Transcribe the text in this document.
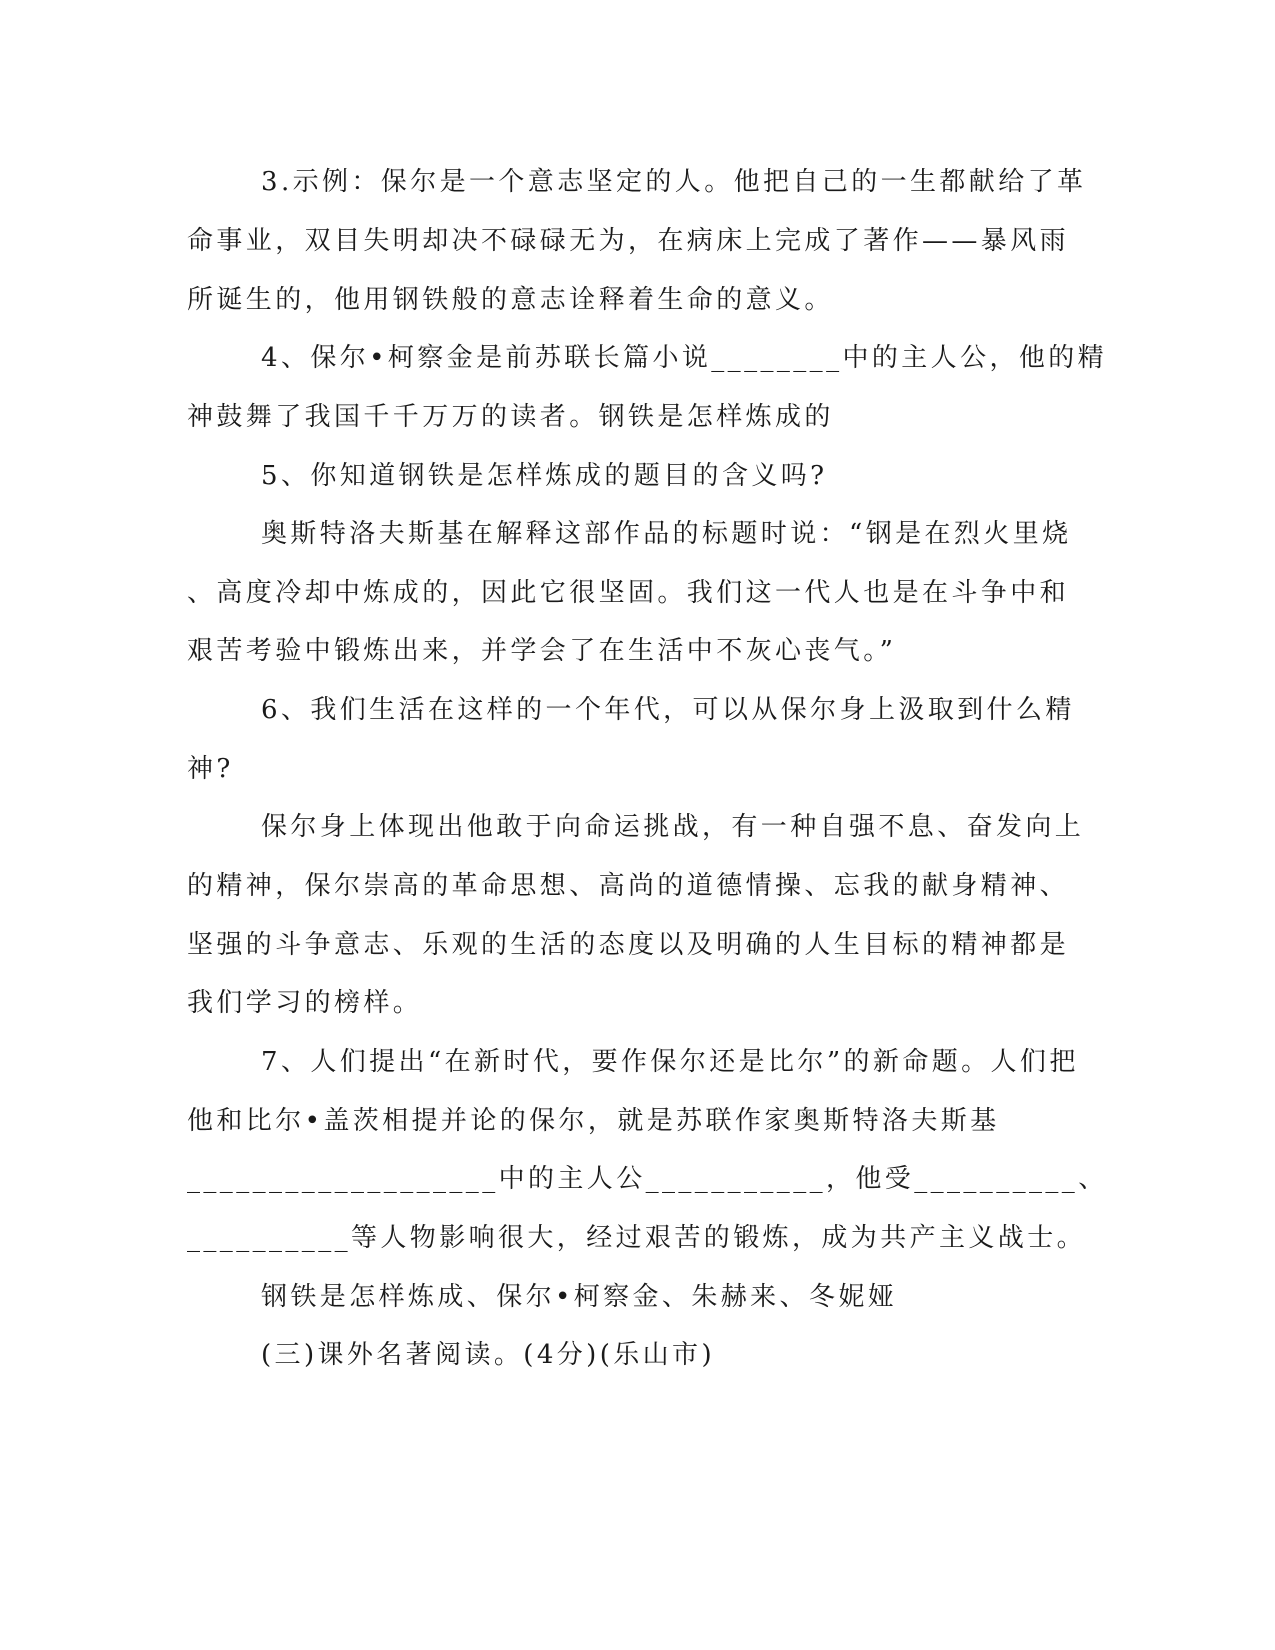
3.示例：保尔是一个意志坚定的人。他把自己的一生都献给了革
命事业，双目失明却决不碌碌无为，在病床上完成了著作——暴风雨
所诞生的，他用钢铁般的意志诠释着生命的意义。
4、保尔•柯察金是前苏联长篇小说________中的主人公，他的精
神鼓舞了我国千千万万的读者。钢铁是怎样炼成的
5、你知道钢铁是怎样炼成的题目的含义吗?
奥斯特洛夫斯基在解释这部作品的标题时说：“钢是在烈火里烧
、高度冷却中炼成的，因此它很坚固。我们这一代人也是在斗争中和
艰苦考验中锻炼出来，并学会了在生活中不灰心丧气。”
6、我们生活在这样的一个年代，可以从保尔身上汲取到什么精
神?
保尔身上体现出他敢于向命运挑战，有一种自强不息、奋发向上
的精神，保尔崇高的革命思想、高尚的道德情操、忘我的献身精神、
坚强的斗争意志、乐观的生活的态度以及明确的人生目标的精神都是
我们学习的榜样。
7、人们提出“在新时代，要作保尔还是比尔”的新命题。人们把
他和比尔•盖茨相提并论的保尔，就是苏联作家奥斯特洛夫斯基
___________________中的主人公___________，他受__________、
__________等人物影响很大，经过艰苦的锻炼，成为共产主义战士。
钢铁是怎样炼成、保尔•柯察金、朱赫来、冬妮娅
(三)课外名著阅读。(4分)(乐山市)
